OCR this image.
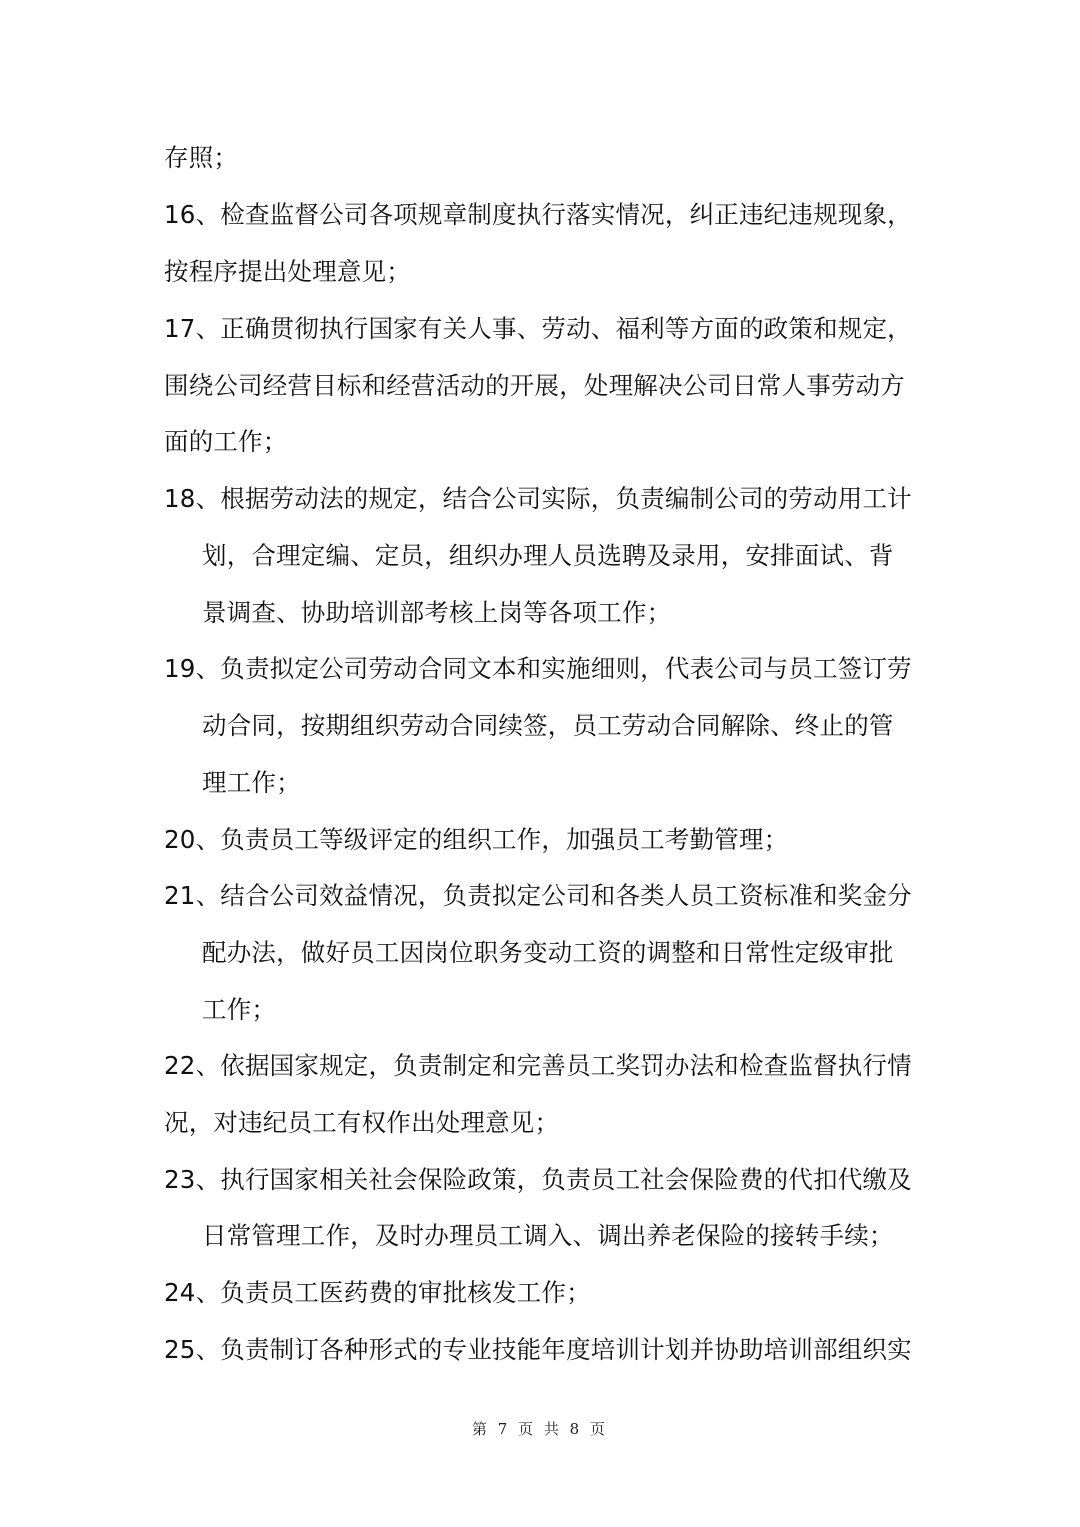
存照；
16、检查监督公司各项规章制度执行落实情况，纠正违纪违规现象，
按程序提出处理意见；
17、正确贯彻执行国家有关人事、劳动、福利等方面的政策和规定，
围绕公司经营目标和经营活动的开展，处理解决公司日常人事劳动方
面的工作；
18、根据劳动法的规定，结合公司实际，负责编制公司的劳动用工计
划，合理定编、定员，组织办理人员选聘及录用，安排面试、背
景调查、协助培训部考核上岗等各项工作；
19、负责拟定公司劳动合同文本和实施细则，代表公司与员工签订劳
动合同，按期组织劳动合同续签，员工劳动合同解除、终止的管
理工作；
20、负责员工等级评定的组织工作，加强员工考勤管理；
21、结合公司效益情况，负责拟定公司和各类人员工资标准和奖金分
配办法，做好员工因岗位职务变动工资的调整和日常性定级审批
工作；
22、依据国家规定，负责制定和完善员工奖罚办法和检查监督执行情
况，对违纪员工有权作出处理意见；
23、执行国家相关社会保险政策，负责员工社会保险费的代扣代缴及
日常管理工作，及时办理员工调入、调出养老保险的接转手续；
24、负责员工医药费的审批核发工作；
25、负责制订各种形式的专业技能年度培训计划并协助培训部组织实
第 7 页 共 8 页
